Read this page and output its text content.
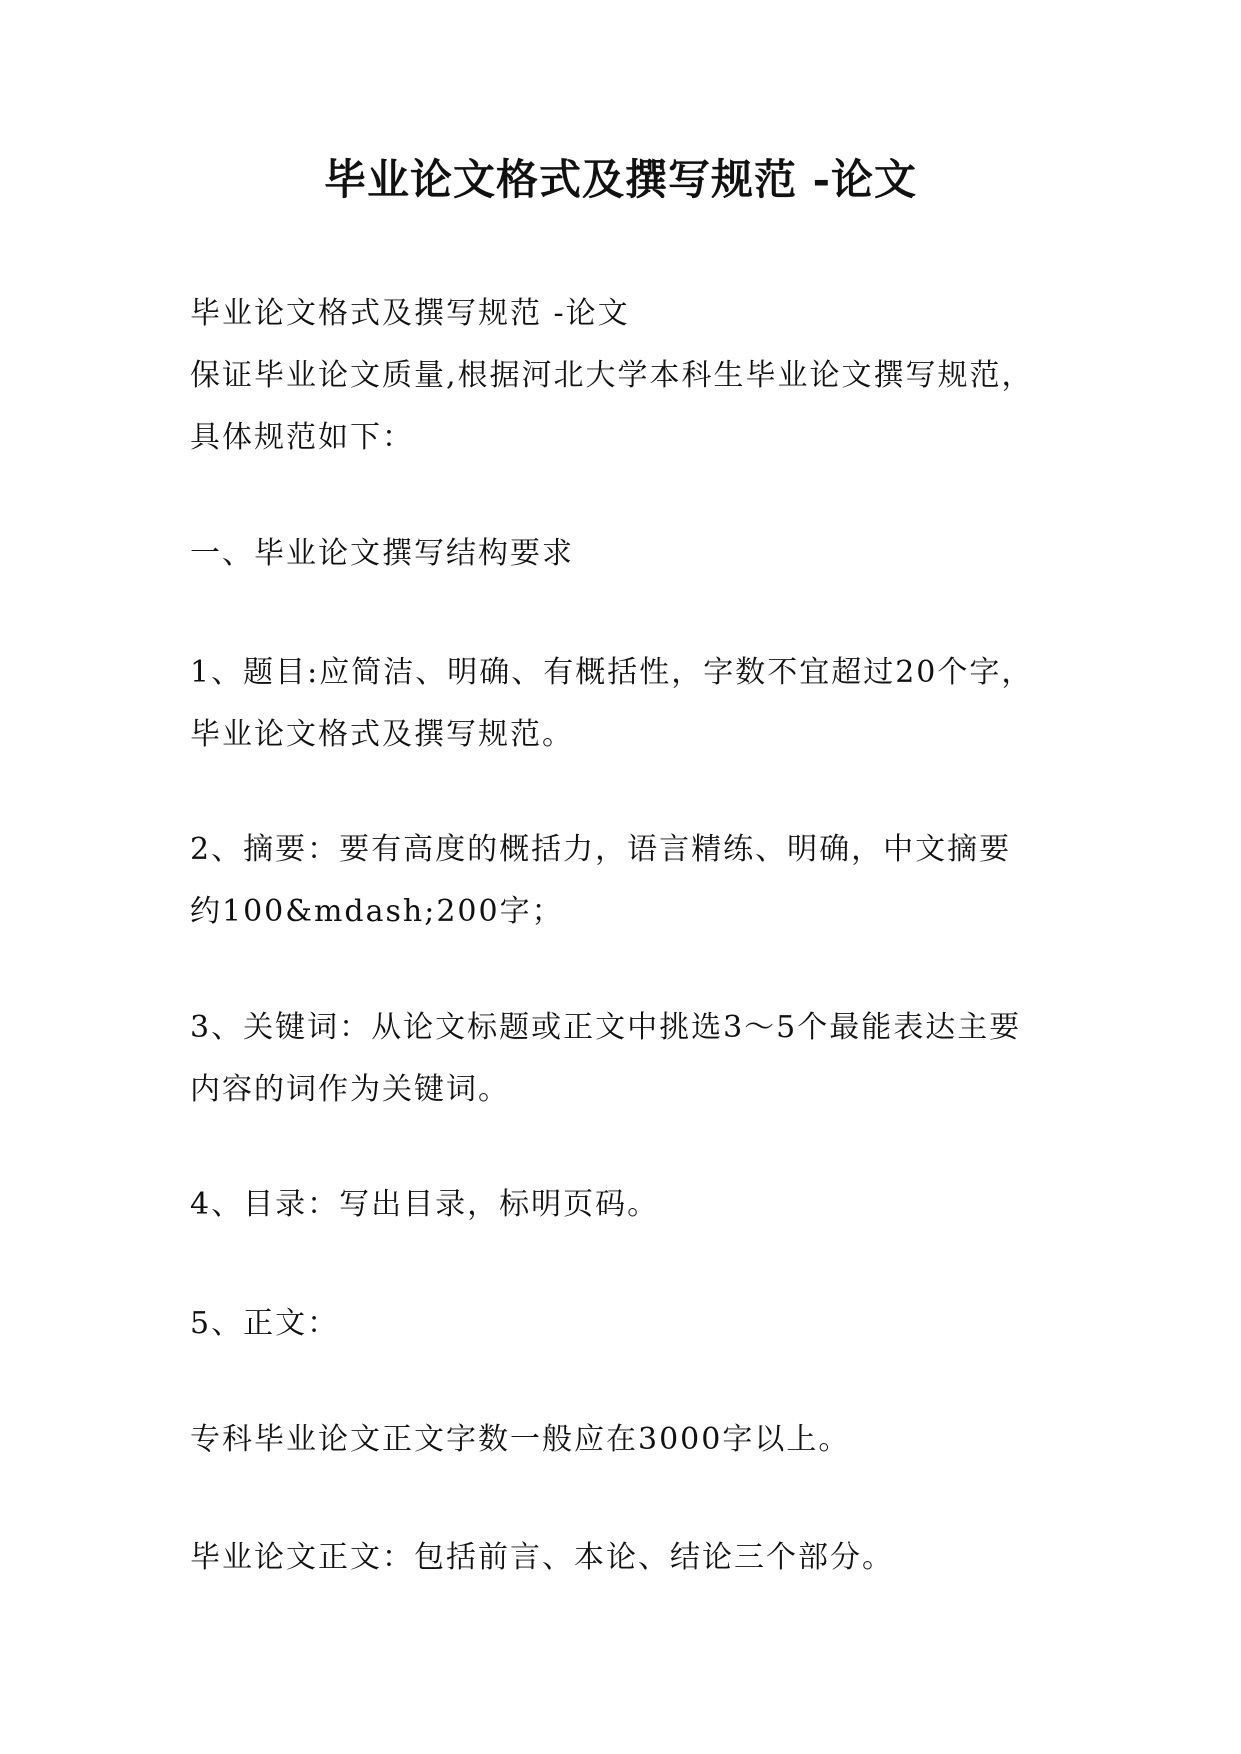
毕业论文格式及撰写规范 -论文
毕业论文格式及撰写规范 -论文
保证毕业论文质量,根据河北大学本科生毕业论文撰写规范，
具体规范如下：
一、毕业论文撰写结构要求
1、题目:应简洁、明确、有概括性，字数不宜超过20个字，
毕业论文格式及撰写规范。
2、摘要：要有高度的概括力，语言精练、明确，中文摘要
约100&mdash;200字；
3、关键词：从论文标题或正文中挑选3～5个最能表达主要
内容的词作为关键词。
4、目录：写出目录，标明页码。
5、正文：
专科毕业论文正文字数一般应在3000字以上。
毕业论文正文：包括前言、本论、结论三个部分。
